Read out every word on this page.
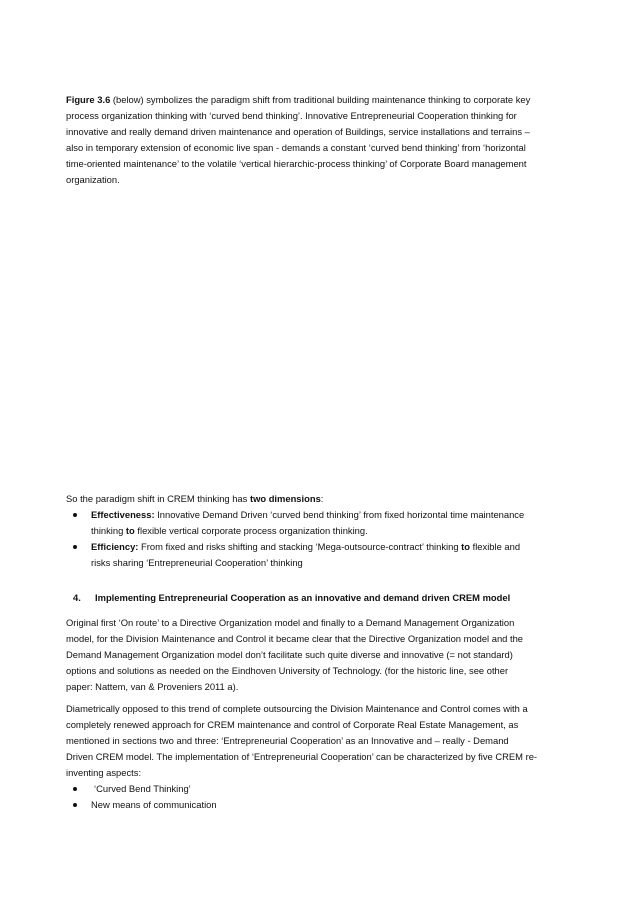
Figure 3.6 (below) symbolizes the paradigm shift from traditional building maintenance thinking to corporate key
process organization thinking with ‘curved bend thinking’. Innovative Entrepreneurial Cooperation thinking for
innovative and really demand driven maintenance and operation of Buildings, service installations and terrains –
also in temporary extension of economic live span - demands a constant ‘curved bend thinking’ from ‘horizontal
time-oriented maintenance’ to the volatile ‘vertical hierarchic-process thinking’ of Corporate Board management
organization.
So the paradigm shift in CREM thinking has two dimensions:
Effectiveness: Innovative Demand Driven ‘curved bend thinking’ from fixed horizontal time maintenance
thinking to flexible vertical corporate process organization thinking.
Efficiency: From fixed and risks shifting and stacking ‘Mega-outsource-contract’ thinking to flexible and
risks sharing ‘Entrepreneurial Cooperation’ thinking
4. Implementing Entrepreneurial Cooperation as an innovative and demand driven CREM model
Original first ‘On route’ to a Directive Organization model and finally to a Demand Management Organization
model, for the Division Maintenance and Control it became clear that the Directive Organization model and the
Demand Management Organization model don’t facilitate such quite diverse and innovative (= not standard)
options and solutions as needed on the Eindhoven University of Technology. (for the historic line, see other
paper: Nattem, van & Proveniers 2011 a).
Diametrically opposed to this trend of complete outsourcing the Division Maintenance and Control comes with a
completely renewed approach for CREM maintenance and control of Corporate Real Estate Management, as
mentioned in sections two and three: ‘Entrepreneurial Cooperation’ as an Innovative and – really - Demand
Driven CREM model. The implementation of ‘Entrepreneurial Cooperation’ can be characterized by five CREM re-
inventing aspects:
‘Curved Bend Thinking’
New means of communication
